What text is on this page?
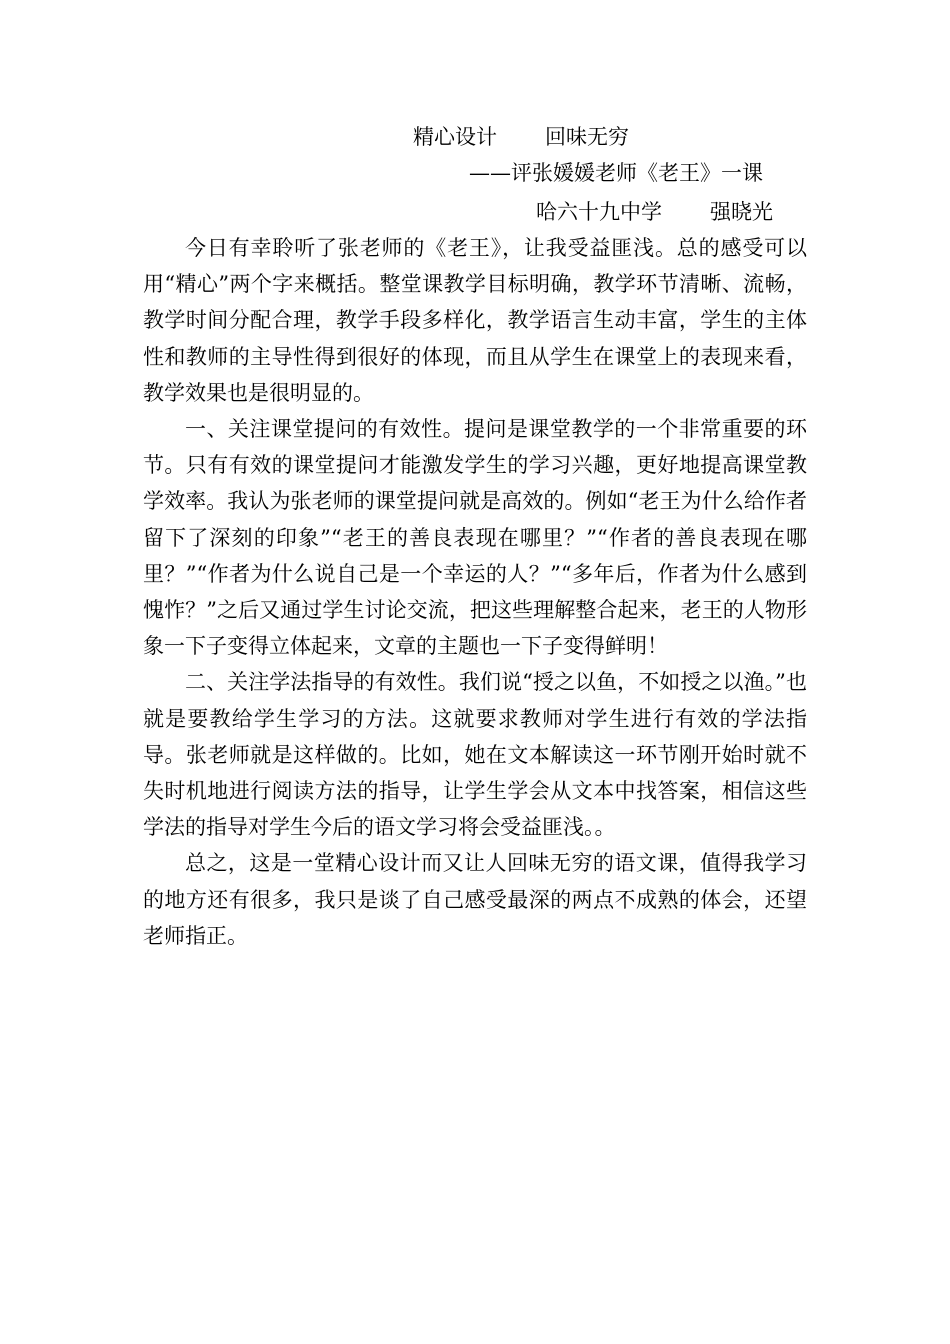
精心设计 回味无穷
——评张媛媛老师《老王》一课
哈六十九中学 强晓光

今日有幸聆听了张老师的《老王》，让我受益匪浅。总的感受可以用“精心”两个字来概括。整堂课教学目标明确，教学环节清晰、流畅，教学时间分配合理，教学手段多样化，教学语言生动丰富，学生的主体性和教师的主导性得到很好的体现，而且从学生在课堂上的表现来看，教学效果也是很明显的。

一、关注课堂提问的有效性。提问是课堂教学的一个非常重要的环节。只有有效的课堂提问才能激发学生的学习兴趣，更好地提高课堂教学效率。我认为张老师的课堂提问就是高效的。例如“老王为什么给作者留下了深刻的印象”“老王的善良表现在哪里？”“作者的善良表现在哪里？”“作者为什么说自己是一个幸运的人？”“多年后，作者为什么感到愧怍？”之后又通过学生讨论交流，把这些理解整合起来，老王的人物形象一下子变得立体起来，文章的主题也一下子变得鲜明！

二、关注学法指导的有效性。我们说“授之以鱼，不如授之以渔。”也就是要教给学生学习的方法。这就要求教师对学生进行有效的学法指导。张老师就是这样做的。比如，她在文本解读这一环节刚开始时就不失时机地进行阅读方法的指导，让学生学会从文本中找答案，相信这些学法的指导对学生今后的语文学习将会受益匪浅。。

总之，这是一堂精心设计而又让人回味无穷的语文课，值得我学习的地方还有很多，我只是谈了自己感受最深的两点不成熟的体会，还望老师指正。
